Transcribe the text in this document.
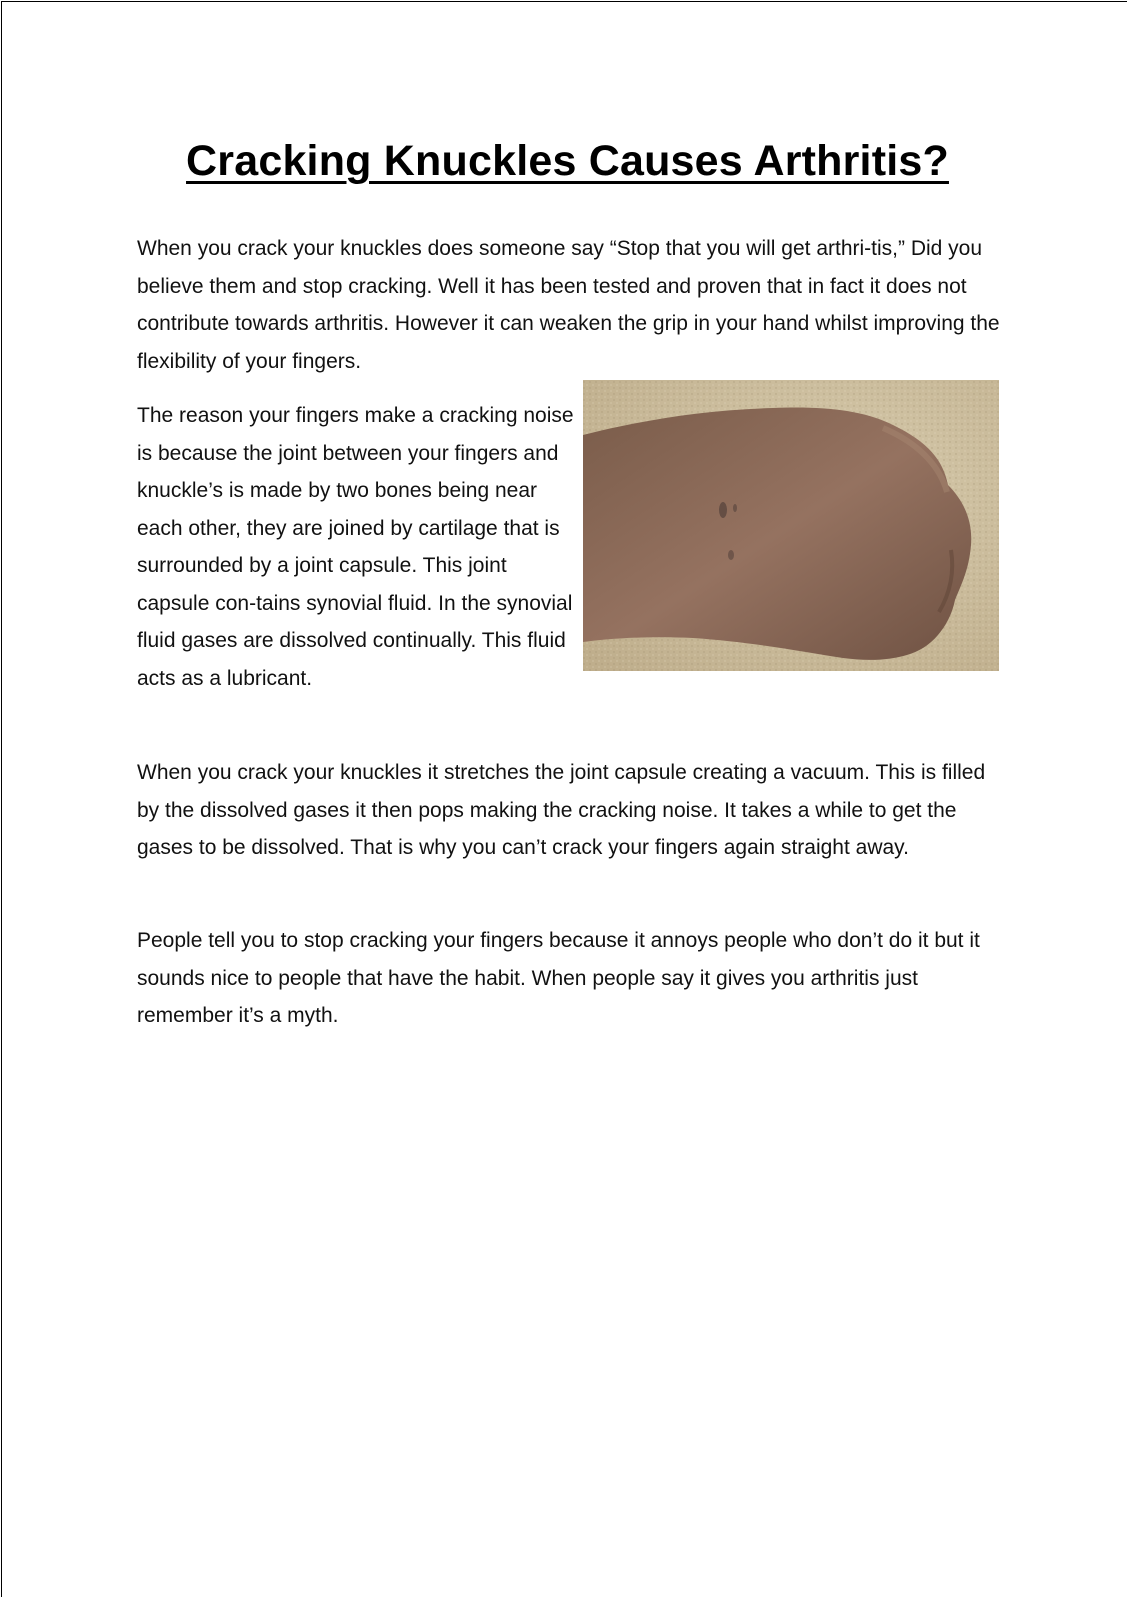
Cracking Knuckles Causes Arthritis?

When you crack your knuckles does someone say “Stop that you will get arthri-tis,” Did you believe them and stop cracking. Well it has been tested and proven that in fact it does not contribute towards arthritis. However it can weaken the grip in your hand whilst improving the flexibility of your fingers.

The reason your fingers make a cracking noise is because the joint between your fingers and knuckle’s is made by two bones being near each other, they are joined by cartilage that is surrounded by a joint capsule. This joint capsule con-tains synovial fluid. In the synovial fluid gases are dissolved continually. This fluid acts as a lubricant.

When you crack your knuckles it stretches the joint capsule creating a vacuum. This is filled by the dissolved gases it then pops making the cracking noise. It takes a while to get the gases to be dissolved. That is why you can’t crack your fingers again straight away.

People tell you to stop cracking your fingers because it annoys people who don’t do it but it sounds nice to people that have the habit. When people say it gives you arthritis just remember it’s a myth.
